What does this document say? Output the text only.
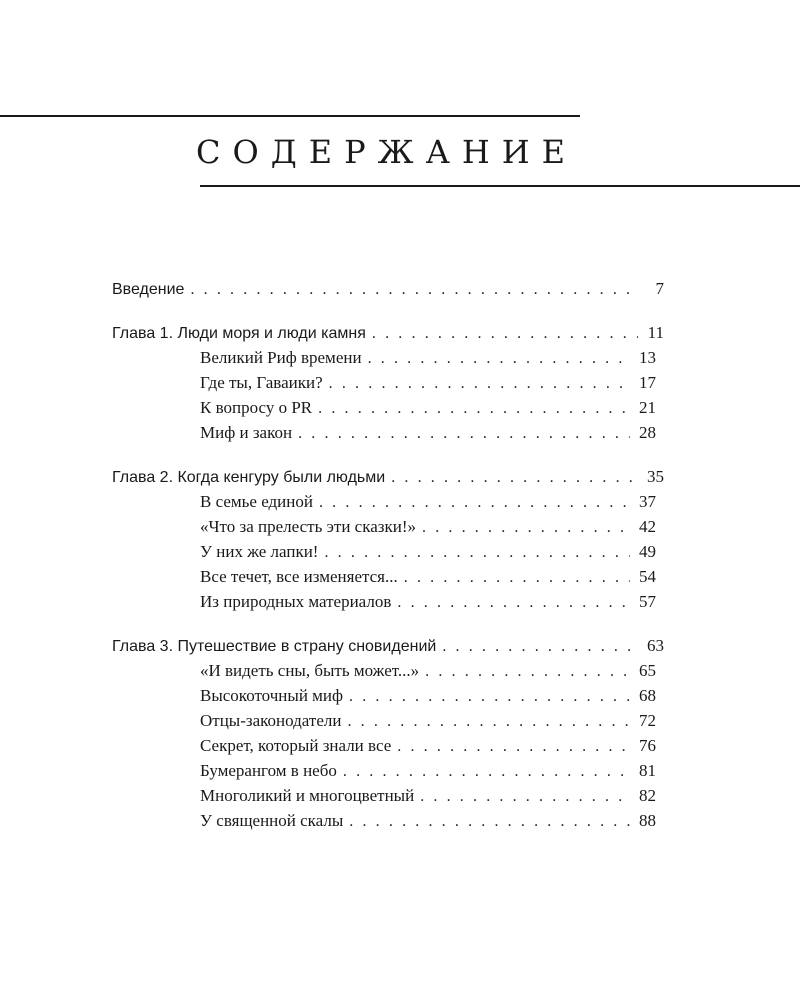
СОДЕРЖАНИЕ
Введение . . .	7
Глава 1. Люди моря и люди камня . . .	11
Великий Риф времени . . .	13
Где ты, Гаваики? . . .	17
К вопросу о PR . . .	21
Миф и закон . . .	28
Глава 2. Когда кенгуру были людьми . . .	35
В семье единой . . .	37
«Что за прелесть эти сказки!» . . .	42
У них же лапки! . . .	49
Все течет, все изменяется... . . .	54
Из природных материалов . . .	57
Глава 3. Путешествие в страну сновидений . . .	63
«И видеть сны, быть может...» . . .	65
Высокоточный миф . . .	68
Отцы-законодатели . . .	72
Секрет, который знали все . . .	76
Бумерангом в небо . . .	81
Многоликий и многоцветный . . .	82
У священной скалы . . .	88
